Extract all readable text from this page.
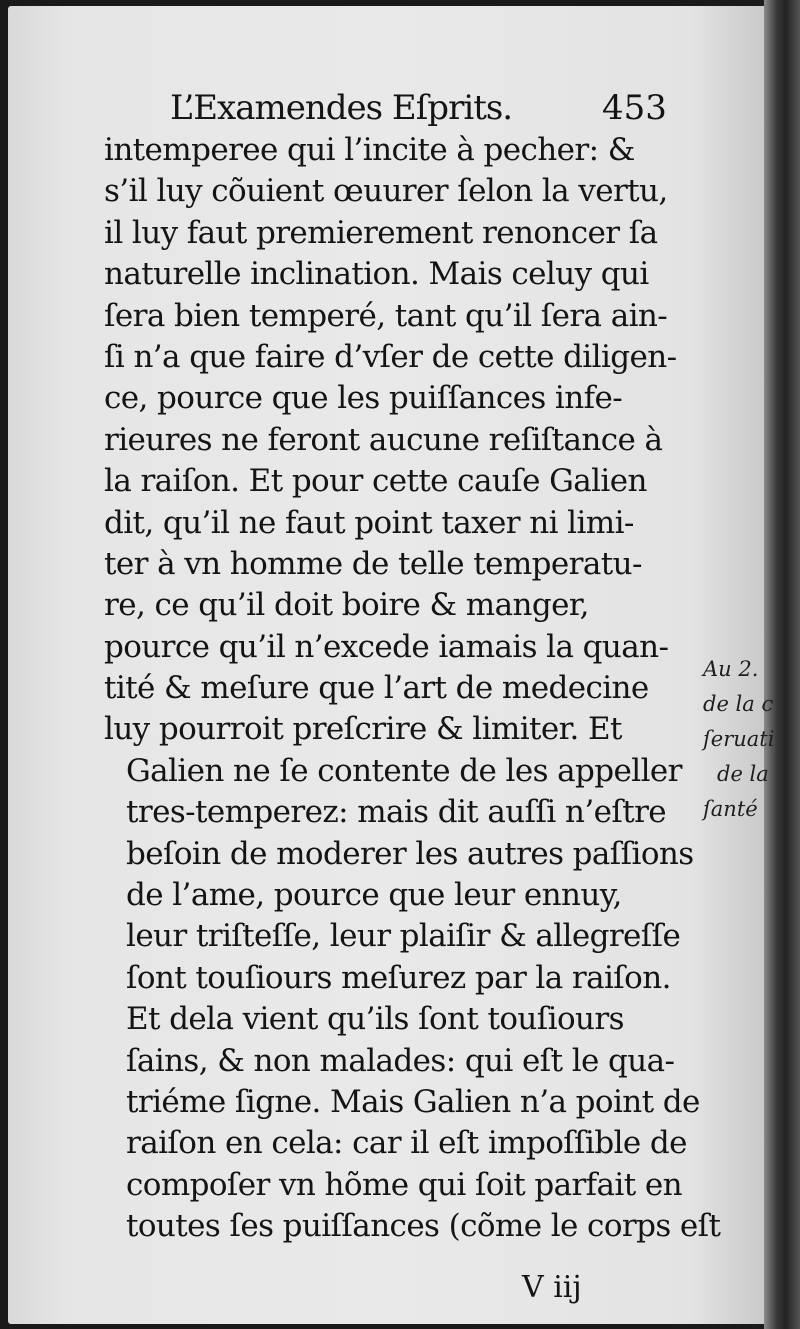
L’Examendes Eſprits.	453
intemperee qui l’incite à pecher: &
s’il luy cõuient œuurer ſelon la vertu,
il luy faut premierement renoncer ſa
naturelle inclination. Mais celuy qui
ſera bien temperé, tant qu’il ſera ain-
ſi n’a que faire d’vſer de cette diligen-
ce, pource que les puiſſances infe-
rieures ne feront aucune reſiſtance à
la raiſon. Et pour cette cauſe Galien
dit, qu’il ne faut point taxer ni limi-
ter à vn homme de telle temperatu-
re, ce qu’il doit boire & manger,
pource qu’il n’excede iamais la quan-
tité & meſure que l’art de medecine
luy pourroit preſcrire & limiter. Et
Galien ne ſe contente de les appeller
tres-temperez: mais dit auſſi n’eſtre
beſoin de moderer les autres paſſions
de l’ame, pource que leur ennuy,
leur triſteſſe, leur plaiſir & allegreſſe
ſont touſiours meſurez par la raiſon.
Et dela vient qu’ils ſont touſiours
ſains, & non malades: qui eſt le qua-
triéme ſigne. Mais Galien n’a point de
raiſon en cela: car il eſt impoſſible de
compoſer vn hõme qui ſoit parfait en
toutes ſes puiſſances (cõme le corps eſt
Au 2.
de la c
ſeruati
de la
ſanté
V iij
